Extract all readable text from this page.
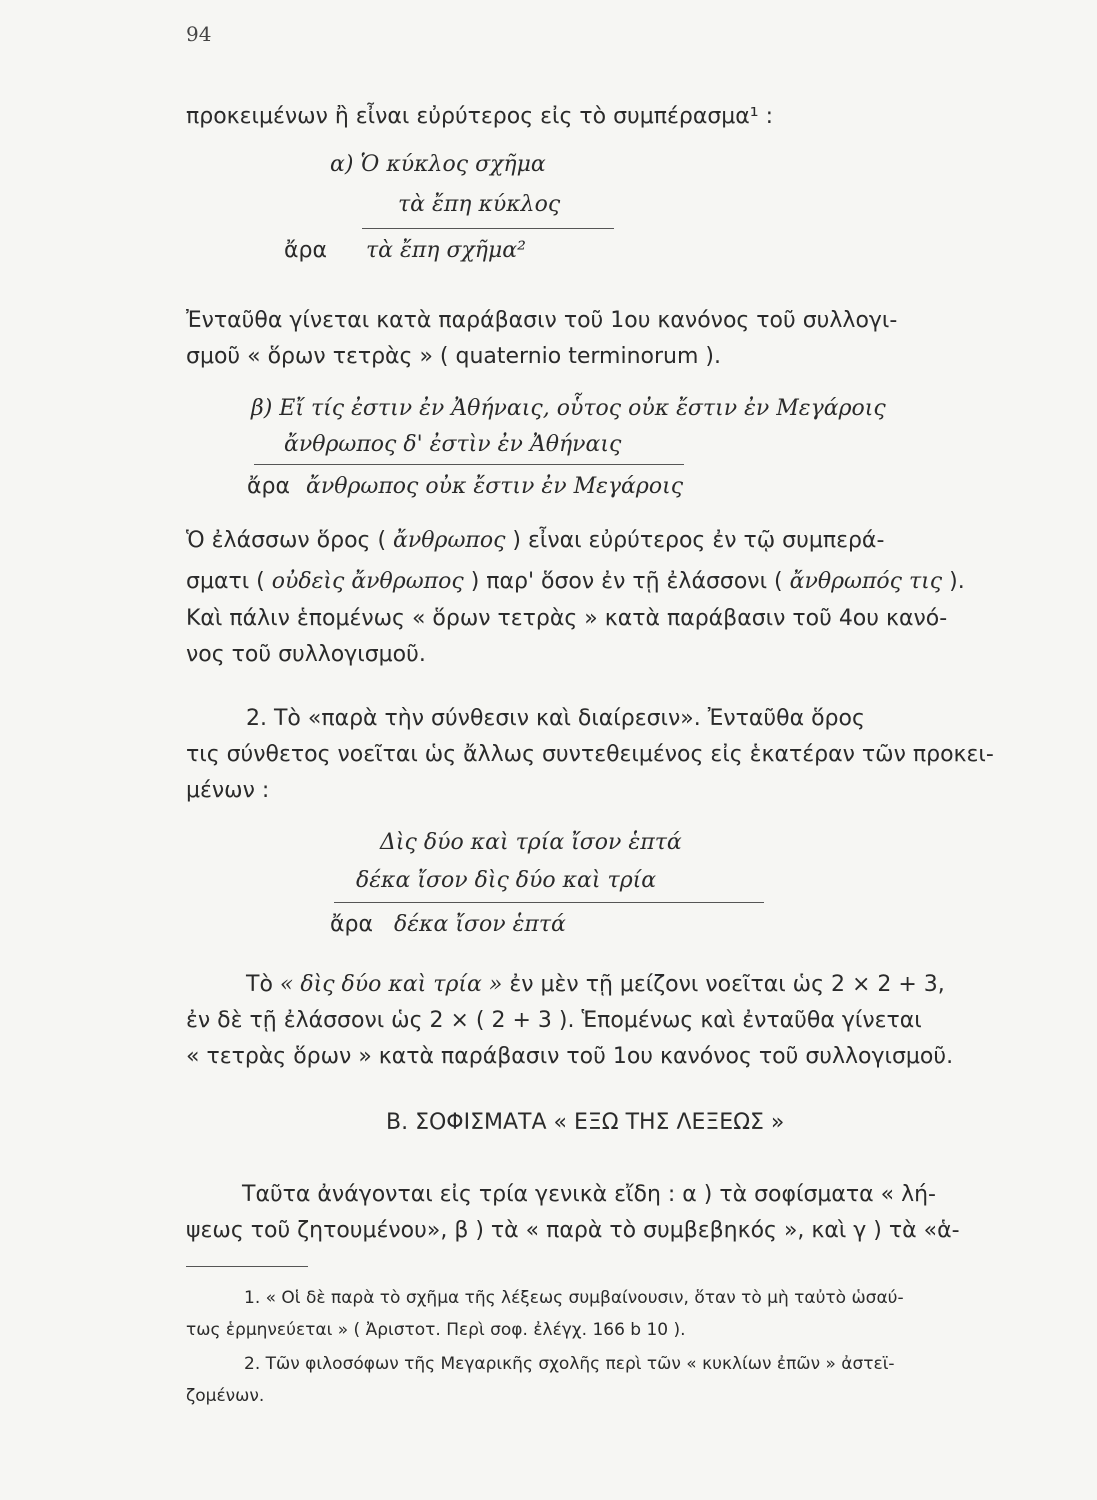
94
προκειμένων ἢ εἶναι εὐρύτερος εἰς τὸ συμπέρασμα¹ :
α) Ὁ κύκλος σχῆμα
τὰ ἔπη κύκλος
ἄρα τὰ ἔπη σχῆμα²
Ἐνταῦθα γίνεται κατὰ παράβασιν τοῦ 1ου κανόνος τοῦ συλλογι-
σμοῦ « ὅρων τετρὰς » ( quaternio terminorum ).
β) Εἴ τίς ἐστιν ἐν Ἀθήναις, οὗτος οὐκ ἔστιν ἐν Μεγάροις
ἄνθρωπος δ' ἐστὶν ἐν Ἀθήναις
ἄρα ἄνθρωπος οὐκ ἔστιν ἐν Μεγάροις
Ὁ ἐλάσσων ὅρος ( ἄνθρωπος ) εἶναι εὐρύτερος ἐν τῷ συμπερά-
σματι ( οὐδεὶς ἄνθρωπος ) παρ' ὅσον ἐν τῇ ἐλάσσονι ( ἄνθρωπός τις ).
Καὶ πάλιν ἑπομένως « ὅρων τετρὰς » κατὰ παράβασιν τοῦ 4ου κανό-
νος τοῦ συλλογισμοῦ.
2. Τὸ «παρὰ τὴν σύνθεσιν καὶ διαίρεσιν». Ἐνταῦθα ὅρος
τις σύνθετος νοεῖται ὡς ἄλλως συντεθειμένος εἰς ἑκατέραν τῶν προκει-
μένων :
Δὶς δύο καὶ τρία ἴσον ἑπτά
δέκα ἴσον δὶς δύο καὶ τρία
ἄρα δέκα ἴσον ἑπτά
Τὸ « δὶς δύο καὶ τρία » ἐν μὲν τῇ μείζονι νοεῖται ὡς 2 × 2 + 3,
ἐν δὲ τῇ ἐλάσσονι ὡς 2 × ( 2 + 3 ). Ἑπομένως καὶ ἐνταῦθα γίνεται
« τετρὰς ὅρων » κατὰ παράβασιν τοῦ 1ου κανόνος τοῦ συλλογισμοῦ.
Β. ΣΟΦΙΣΜΑΤΑ « ΕΞΩ ΤΗΣ ΛΕΞΕΩΣ »
Ταῦτα ἀνάγονται εἰς τρία γενικὰ εἴδη : α ) τὰ σοφίσματα « λή-
ψεως τοῦ ζητουμένου», β ) τὰ « παρὰ τὸ συμβεβηκός », καὶ γ ) τὰ «ἁ-
1. « Οἱ δὲ παρὰ τὸ σχῆμα τῆς λέξεως συμβαίνουσιν, ὅταν τὸ μὴ ταὐτὸ ὡσαύ-
τως ἑρμηνεύεται » ( Ἀριστοτ. Περὶ σοφ. ἐλέγχ. 166 b 10 ).
2. Τῶν φιλοσόφων τῆς Μεγαρικῆς σχολῆς περὶ τῶν « κυκλίων ἐπῶν » ἀστεϊ-
ζομένων.
